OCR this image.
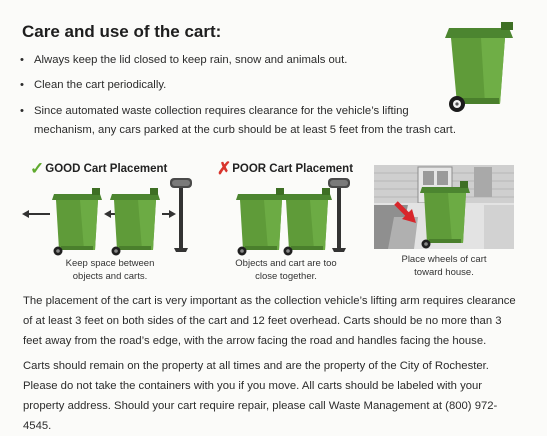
Care and use of the cart:
• Always keep the lid closed to keep rain, snow and animals out.
• Clean the cart periodically.
• Since automated waste collection requires clearance for the vehicle’s lifting mechanism, any cars parked at the curb should be at least 5 feet from the trash cart.
✓GOOD Cart Placement
Keep space between
objects and carts.
✗POOR Cart Placement
Objects and cart are too
close together.
Place wheels of cart
toward house.
The placement of the cart is very important as the collection vehicle’s lifting arm requires clearance of at least 3 feet on both sides of the cart and 12 feet overhead. Carts should be no more than 3 feet away from the road’s edge, with the arrow facing the road and handles facing the house.
Carts should remain on the property at all times and are the property of the City of Rochester. Please do not take the containers with you if you move. All carts should be labeled with your property address. Should your cart require repair, please call Waste Management at (800) 972-4545.
